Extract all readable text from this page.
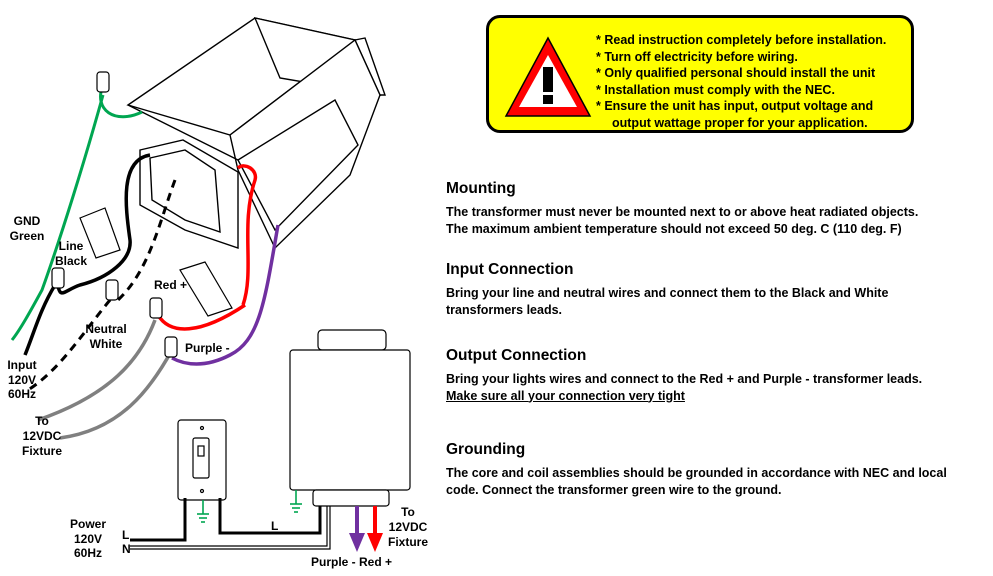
GND
Green
Line
Black
Neutral
White
Red +
Purple -
Input
120V
60Hz
To
12VDC
Fixture
Power
120V
60Hz
L
N
L
To
12VDC
Fixture
Purple - Red +
* Read instruction completely before installation.
* Turn off electricity before wiring.
* Only qualified personal should install the unit
* Installation must comply with the NEC.
* Ensure the unit has input, output voltage and
output wattage proper for your application.
Mounting

The transformer must never be mounted next to or above heat radiated objects.

The maximum ambient temperature should not exceed 50 deg. C (110 deg. F)

Input Connection

Bring your line and neutral wires and connect them to the Black and White

transformers leads.

Output Connection

Bring your lights wires and connect to the Red + and Purple - transformer leads.

Make sure all your connection very tight

Grounding

The core and coil assemblies should be grounded in accordance with NEC and local

code. Connect the transformer green wire to the ground.
